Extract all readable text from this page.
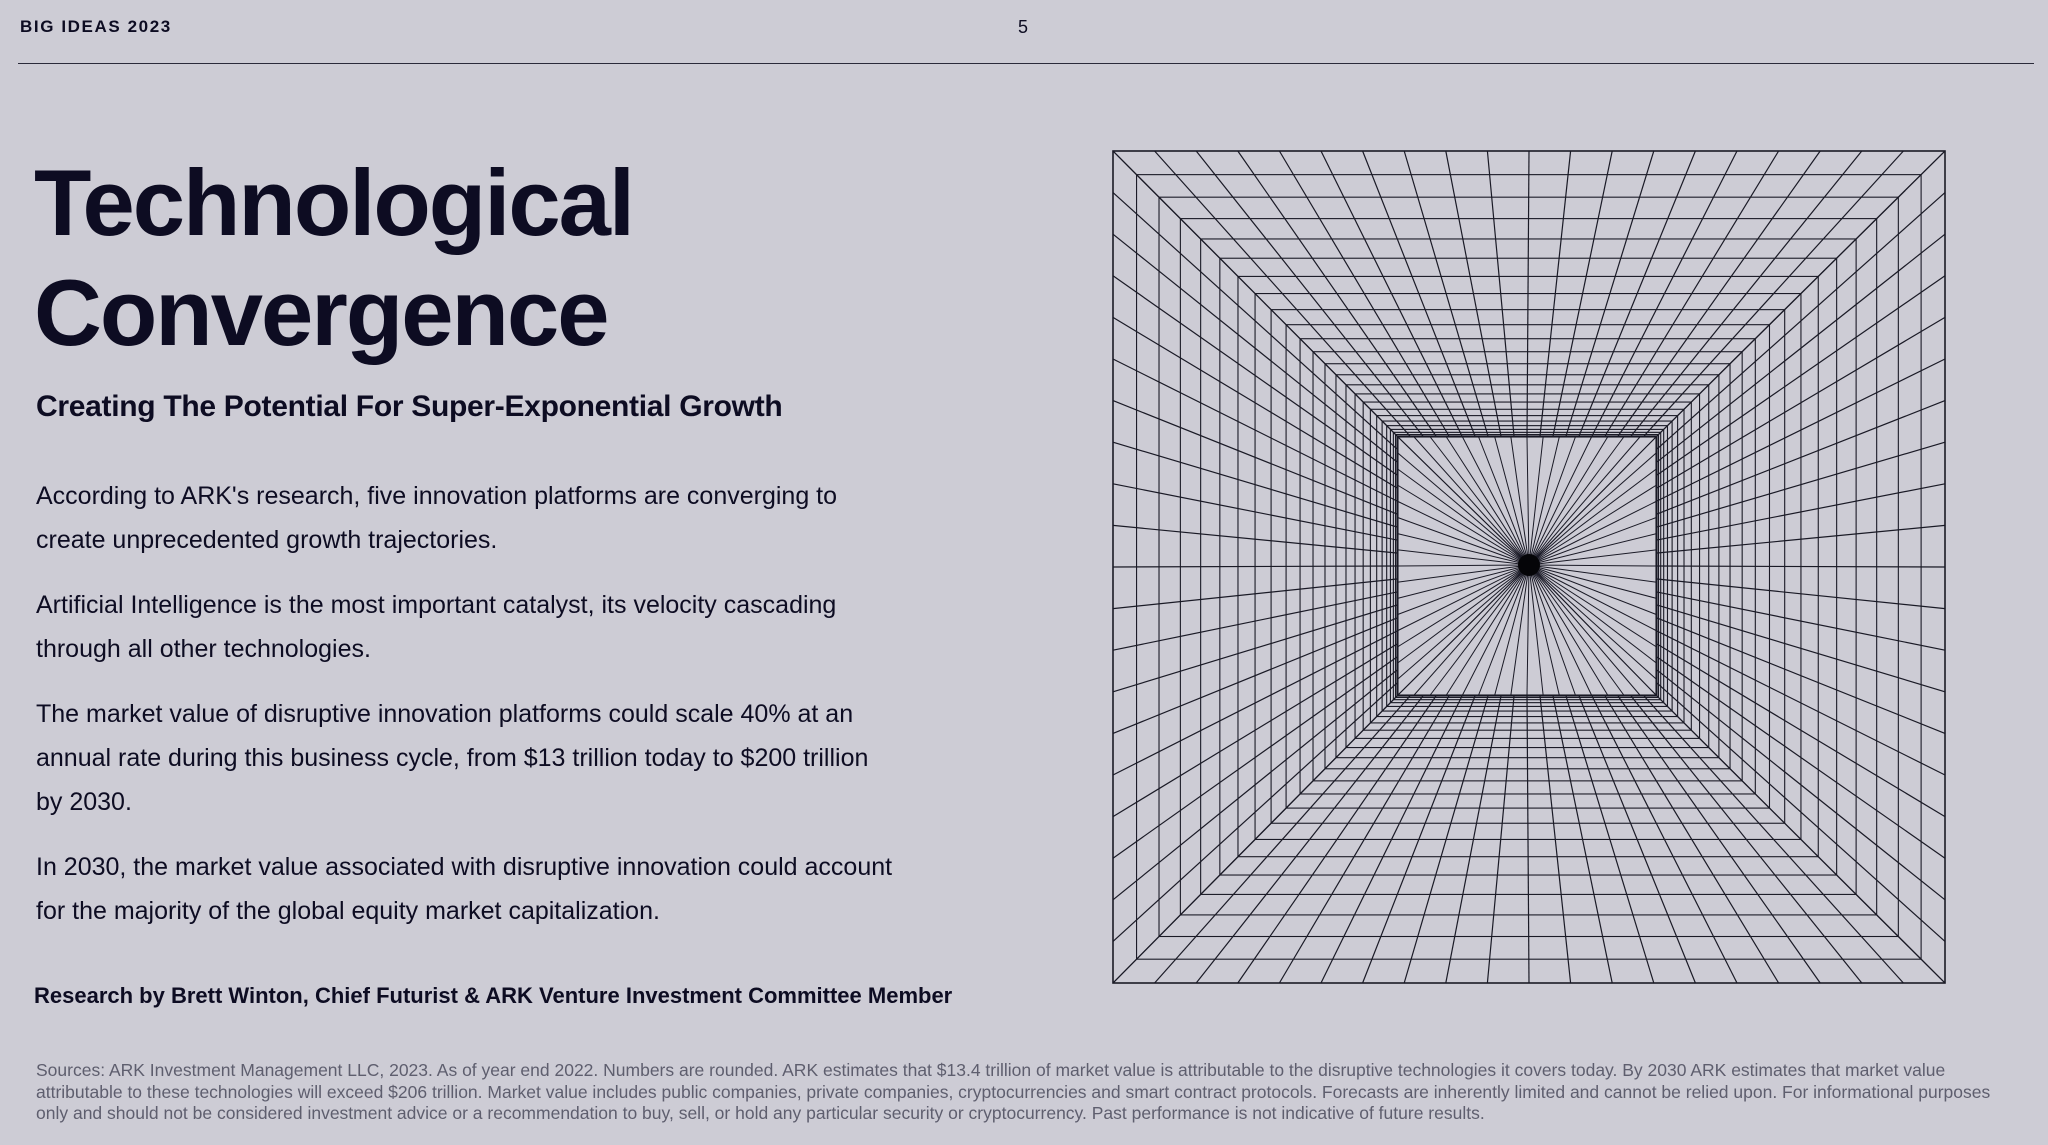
BIG IDEAS 2023	5
Technological
Convergence
Creating The Potential For Super-Exponential Growth

According to ARK's research, five innovation platforms are converging to create unprecedented growth trajectories.

Artificial Intelligence is the most important catalyst, its velocity cascading through all other technologies.

The market value of disruptive innovation platforms could scale 40% at an annual rate during this business cycle, from $13 trillion today to $200 trillion by 2030.

In 2030, the market value associated with disruptive innovation could account for the majority of the global equity market capitalization.

Research by Brett Winton, Chief Futurist & ARK Venture Investment Committee Member

Sources: ARK Investment Management LLC, 2023. As of year end 2022. Numbers are rounded. ARK estimates that $13.4 trillion of market value is attributable to the disruptive technologies it covers today. By 2030 ARK estimates that market value attributable to these technologies will exceed $206 trillion. Market value includes public companies, private companies, cryptocurrencies and smart contract protocols. Forecasts are inherently limited and cannot be relied upon. For informational purposes only and should not be considered investment advice or a recommendation to buy, sell, or hold any particular security or cryptocurrency. Past performance is not indicative of future results.
